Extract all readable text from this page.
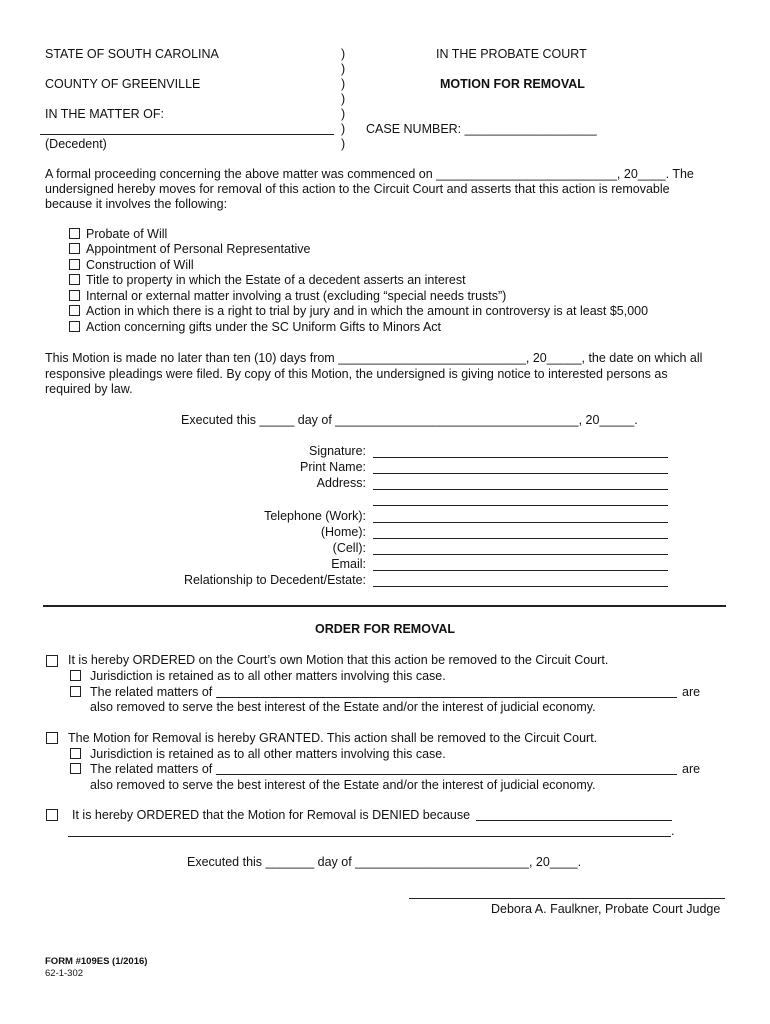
STATE OF SOUTH CAROLINA
COUNTY OF GREENVILLE
IN THE MATTER OF:
(Decedent)
)
)
)
)
)
)
)
IN THE PROBATE COURT
MOTION FOR REMOVAL
CASE NUMBER: ___________________
A formal proceeding concerning the above matter was commenced on __________________________, 20____. The
undersigned hereby moves for removal of this action to the Circuit Court and asserts that this action is removable
because it involves the following:
Probate of Will
Appointment of Personal Representative
Construction of Will
Title to property in which the Estate of a decedent asserts an interest
Internal or external matter involving a trust (excluding “special needs trusts”)
Action in which there is a right to trial by jury and in which the amount in controversy is at least $5,000
Action concerning gifts under the SC Uniform Gifts to Minors Act
This Motion is made no later than ten (10) days from ___________________________, 20_____, the date on which all
responsive pleadings were filed. By copy of this Motion, the undersigned is giving notice to interested persons as
required by law.
Executed this _____ day of ___________________________________, 20_____.
Signature:
Print Name:
Address:
Telephone (Work):
(Home):
(Cell):
Email:
Relationship to Decedent/Estate:
ORDER FOR REMOVAL
It is hereby ORDERED on the Court’s own Motion that this action be removed to the Circuit Court.
Jurisdiction is retained as to all other matters involving this case.
The related matters of	are
also removed to serve the best interest of the Estate and/or the interest of judicial economy.
The Motion for Removal is hereby GRANTED. This action shall be removed to the Circuit Court.
Jurisdiction is retained as to all other matters involving this case.
The related matters of	are
also removed to serve the best interest of the Estate and/or the interest of judicial economy.
It is hereby ORDERED that the Motion for Removal is DENIED because
.
Executed this _______ day of _________________________, 20____.
Debora A. Faulkner, Probate Court Judge
FORM #109ES (1/2016)
62-1-302
